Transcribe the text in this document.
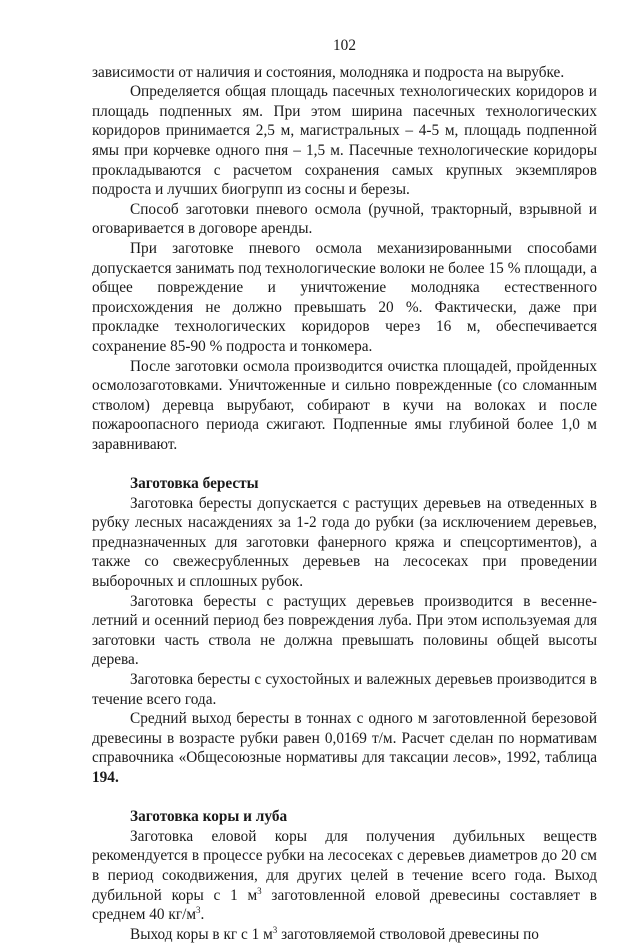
102

зависимости от наличия и состояния, молодняка и подроста на вырубке.

Определяется общая площадь пасечных технологических коридоров и площадь подпенных ям. При этом ширина пасечных технологических коридоров принимается 2,5 м, магистральных – 4-5 м, площадь подпенной ямы при корчевке одного пня – 1,5 м. Пасечные технологические коридоры прокладываются с расчетом сохранения самых крупных экземпляров подроста и лучших биогрупп из сосны и березы.

Способ заготовки пневого осмола (ручной, тракторный, взрывной и оговаривается в договоре аренды.

При заготовке пневого осмола механизированными способами допускается занимать под технологические волоки не более 15 % площади, а общее повреждение и уничтожение молодняка естественного происхождения не должно превышать 20 %. Фактически, даже при прокладке технологических коридоров через 16 м, обеспечивается сохранение 85-90 % подроста и тонкомера.

После заготовки осмола производится очистка площадей, пройденных осмолозаготовками. Уничтоженные и сильно поврежденные (со сломанным стволом) деревца вырубают, собирают в кучи на волоках и после пожароопасного периода сжигают. Подпенные ямы глубиной более 1,0 м заравнивают.

Заготовка бересты

Заготовка бересты допускается с растущих деревьев на отведенных в рубку лесных насаждениях за 1-2 года до рубки (за исключением деревьев, предназначенных для заготовки фанерного кряжа и спецсортиментов), а также со свежесрубленных деревьев на лесосеках при проведении выборочных и сплошных рубок.

Заготовка бересты с растущих деревьев производится в весенне-летний и осенний период без повреждения луба. При этом используемая для заготовки часть ствола не должна превышать половины общей высоты дерева.

Заготовка бересты с сухостойных и валежных деревьев производится в течение всего года.

Средний выход бересты в тоннах с одного м заготовленной березовой древесины в возрасте рубки равен 0,0169 т/м. Расчет сделан по нормативам справочника «Общесоюзные нормативы для таксации лесов», 1992, таблица 194.

Заготовка коры и луба

Заготовка еловой коры для получения дубильных веществ рекомендуется в процессе рубки на лесосеках с деревьев диаметров до 20 см в период сокодвижения, для других целей в течение всего года. Выход дубильной коры с 1 $м^3$ заготовленной еловой древесины составляет в среднем 40 $кг/м^3$.

Выход коры в кг с 1 $м^3$ заготовляемой стволовой древесины по
